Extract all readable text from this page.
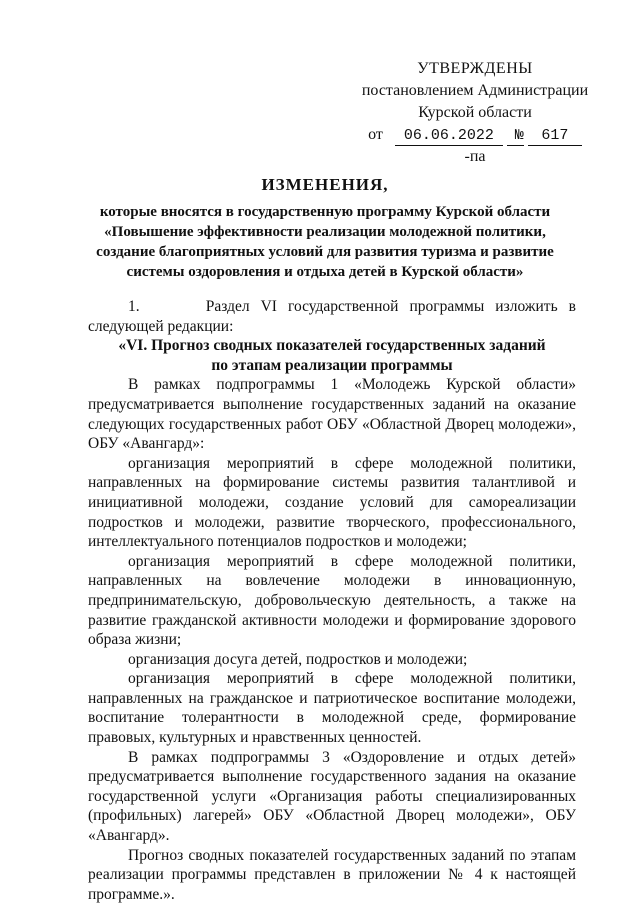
УТВЕРЖДЕНЫ
постановлением Администрации
Курской области
от 06.06.2022 № 617 -па
ИЗМЕНЕНИЯ,
которые вносятся в государственную программу Курской области
«Повышение эффективности реализации молодежной политики,
создание благоприятных условий для развития туризма и развитие
системы оздоровления и отдыха детей в Курской области»

1.      Раздел VI государственной программы изложить в следующей редакции:

«VI. Прогноз сводных показателей государственных заданий
по этапам реализации программы

В рамках подпрограммы 1 «Молодежь Курской области» предусматривается выполнение государственных заданий на оказание следующих государственных работ ОБУ «Областной Дворец молодежи», ОБУ «Авангард»:

организация мероприятий в сфере молодежной политики, направленных на формирование системы развития талантливой и инициативной молодежи, создание условий для самореализации подростков и молодежи, развитие творческого, профессионального, интеллектуального потенциалов подростков и молодежи;

организация мероприятий в сфере молодежной политики, направленных на вовлечение молодежи в инновационную, предпринимательскую, добровольческую деятельность, а также на развитие гражданской активности молодежи и формирование здорового образа жизни;

организация досуга детей, подростков и молодежи;

организация мероприятий в сфере молодежной политики, направленных на гражданское и патриотическое воспитание молодежи, воспитание толерантности в молодежной среде, формирование правовых, культурных и нравственных ценностей.

В рамках подпрограммы 3 «Оздоровление и отдых детей» предусматривается выполнение государственного задания на оказание государственной услуги «Организация работы специализированных (профильных) лагерей» ОБУ «Областной Дворец молодежи», ОБУ «Авангард».

Прогноз сводных показателей государственных заданий по этапам реализации программы представлен в приложении № 4 к настоящей программе.».
